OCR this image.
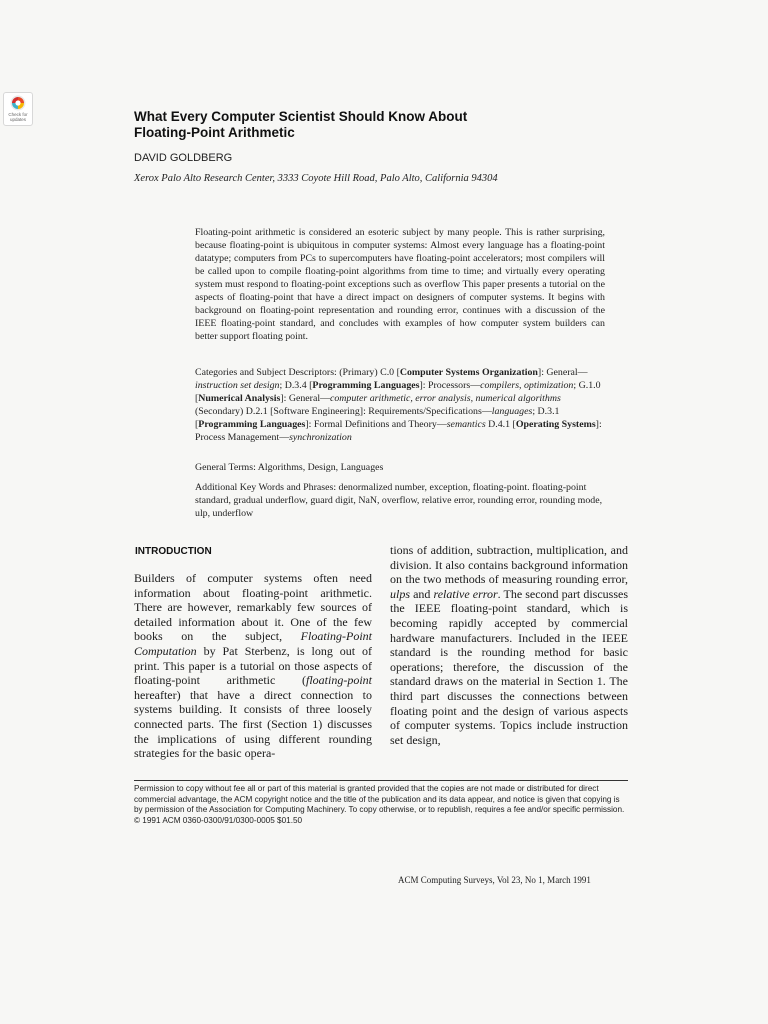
Check for updates	What Every Computer Scientist Should Know About
Floating-Point Arithmetic
DAVID GOLDBERG
Xerox Palo Alto Research Center, 3333 Coyote Hill Road, Palo Alto, California 94304

Floating-point arithmetic is considered an esoteric subject by many people. This is rather surprising, because floating-point is ubiquitous in computer systems: Almost every language has a floating-point datatype; computers from PCs to supercomputers have floating-point accelerators; most compilers will be called upon to compile floating-point algorithms from time to time; and virtually every operating system must respond to floating-point exceptions such as overflow This paper presents a tutorial on the aspects of floating-point that have a direct impact on designers of computer systems. It begins with background on floating-point representation and rounding error, continues with a discussion of the IEEE floating-point standard, and concludes with examples of how computer system builders can better support floating point.

Categories and Subject Descriptors: (Primary) C.0 [Computer Systems Organization]: General—instruction set design; D.3.4 [Programming Languages]: Processors—compilers, optimization; G.1.0 [Numerical Analysis]: General—computer arithmetic, error analysis, numerical algorithms (Secondary) D.2.1 [Software Engineering]: Requirements/Specifications—languages; D.3.1 [Programming Languages]: Formal Definitions and Theory—semantics D.4.1 [Operating Systems]: Process Management—synchronization

General Terms: Algorithms, Design, Languages

Additional Key Words and Phrases: denormalized number, exception, floating-point. floating-point standard, gradual underflow, guard digit, NaN, overflow, relative error, rounding error, rounding mode, ulp, underflow

INTRODUCTION

Builders of computer systems often need information about floating-point arithmetic. There are however, remarkably few sources of detailed information about it. One of the few books on the subject, Floating-Point Computation by Pat Sterbenz, is long out of print. This paper is a tutorial on those aspects of floating-point arithmetic (floating-point hereafter) that have a direct connection to systems building. It consists of three loosely connected parts. The first (Section 1) discusses the implications of using different rounding strategies for the basic opera-

tions of addition, subtraction, multiplication, and division. It also contains background information on the two methods of measuring rounding error, ulps and relative error. The second part discusses the IEEE floating-point standard, which is becoming rapidly accepted by commercial hardware manufacturers. Included in the IEEE standard is the rounding method for basic operations; therefore, the discussion of the standard draws on the material in Section 1. The third part discusses the connections between floating point and the design of various aspects of computer systems. Topics include instruction set design,

Permission to copy without fee all or part of this material is granted provided that the copies are not made or distributed for direct commercial advantage, the ACM copyright notice and the title of the publication and its data appear, and notice is given that copying is by permission of the Association for Computing Machinery. To copy otherwise, or to republish, requires a fee and/or specific permission.
© 1991 ACM 0360-0300/91/0300-0005 $01.50
ACM Computing Surveys, Vol 23, No 1, March 1991
